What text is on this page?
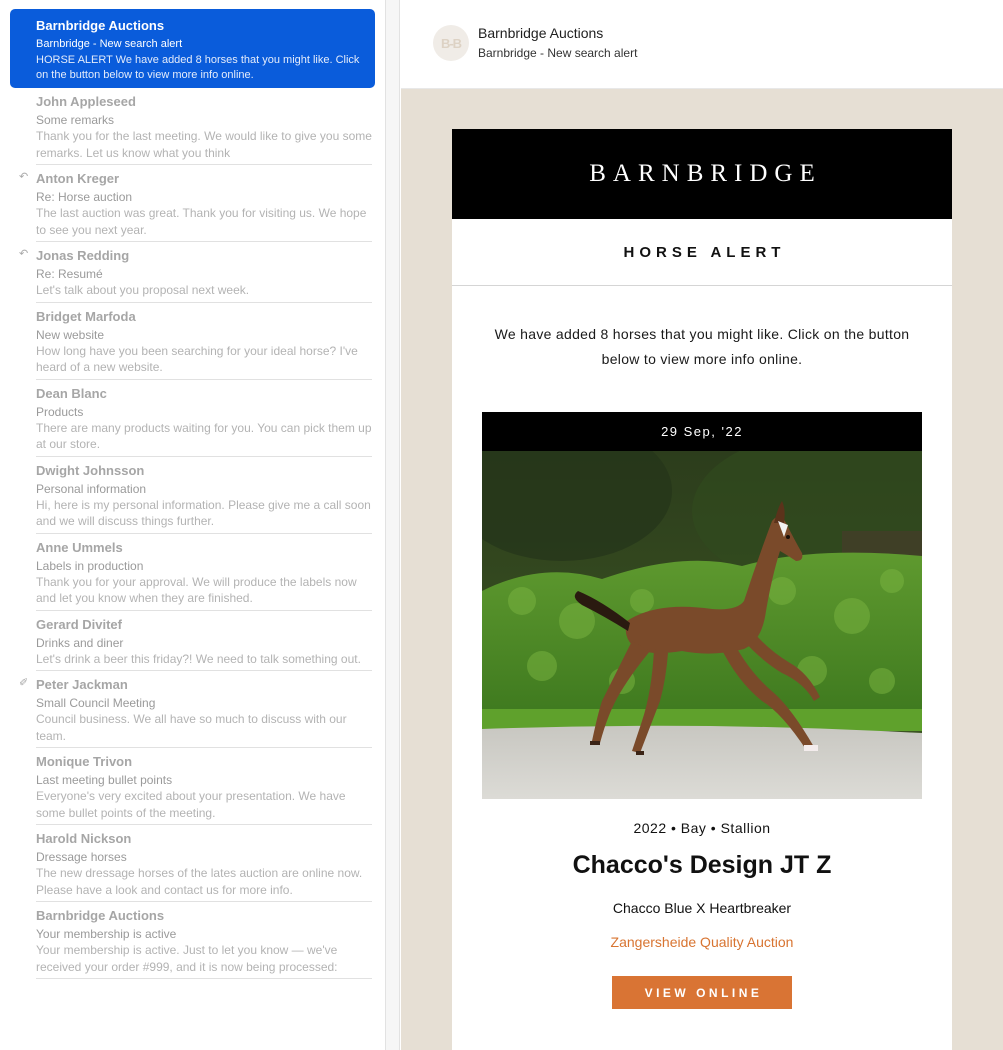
Barnbridge Auctions
Barnbridge - New search alert
HORSE ALERT We have added 8 horses that you might like. Click on the button below to view more info online.
John Appleseed
Some remarks
Thank you for the last meeting. We would like to give you some remarks. Let us know what you think
↶ Anton Kreger
Re: Horse auction
The last auction was great. Thank you for visiting us. We hope to see you next year.
↶ Jonas Redding
Re: Resumé
Let's talk about you proposal next week.
Bridget Marfoda
New website
How long have you been searching for your ideal horse? I've heard of a new website.
Dean Blanc
Products
There are many products waiting for you. You can pick them up at our store.
Dwight Johnsson
Personal information
Hi, here is my personal information. Please give me a call soon and we will discuss things further.
Anne Ummels
Labels in production
Thank you for your approval. We will produce the labels now and let you know when they are finished.
Gerard Divitef
Drinks and diner
Let's drink a beer this friday?! We need to talk something out.
✐ Peter Jackman
Small Council Meeting
Council business. We all have so much to discuss with our team.
Monique Trivon
Last meeting bullet points
Everyone's very excited about your presentation. We have some bullet points of the meeting.
Harold Nickson
Dressage horses
The new dressage horses of the lates auction are online now. Please have a look and contact us for more info.
Barnbridge Auctions
Your membership is active
Your membership is active. Just to let you know — we've received your order #999, and it is now being processed:
B-B
Barnbridge Auctions
Barnbridge - New search alert
BARNBRIDGE
HORSE ALERT

We have added 8 horses that you might like. Click on the button below to view more info online.

29 Sep, '22
2022 • Bay • Stallion
Chacco's Design JT Z
Chacco Blue X Heartbreaker
Zangersheide Quality Auction
VIEW ONLINE
